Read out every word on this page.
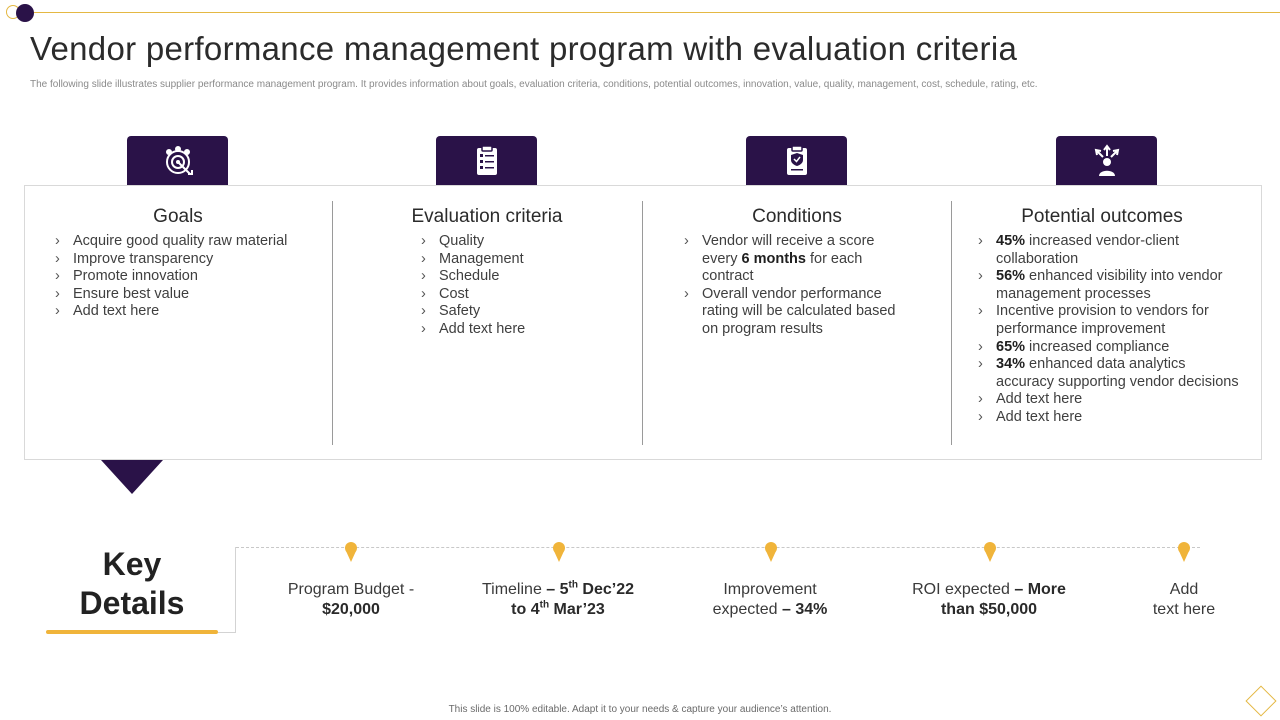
Vendor performance management program with evaluation criteria
The following slide illustrates supplier performance management program. It provides information about goals, evaluation criteria, conditions, potential outcomes, innovation, value, quality, management, cost, schedule, rating, etc.
Goals
› Acquire good quality raw material
› Improve transparency
› Promote innovation
› Ensure best value
› Add text here
Evaluation criteria
› Quality
› Management
› Schedule
› Cost
› Safety
› Add text here
Conditions
› Vendor will receive a score every 6 months for each contract
› Overall vendor performance rating will be calculated based on program results
Potential outcomes
› 45% increased vendor-client collaboration
› 56% enhanced visibility into vendor management processes
› Incentive provision to vendors for performance improvement
› 65% increased compliance
› 34% enhanced data analytics accuracy supporting vendor decisions
› Add text here
› Add text here
Key
Details	Program Budget -
$20,000
Timeline – 5th Dec’22
to 4th Mar’23
Improvement
expected – 34%
ROI expected – More
than $50,000
Add
text here
This slide is 100% editable. Adapt it to your needs & capture your audience’s attention.
